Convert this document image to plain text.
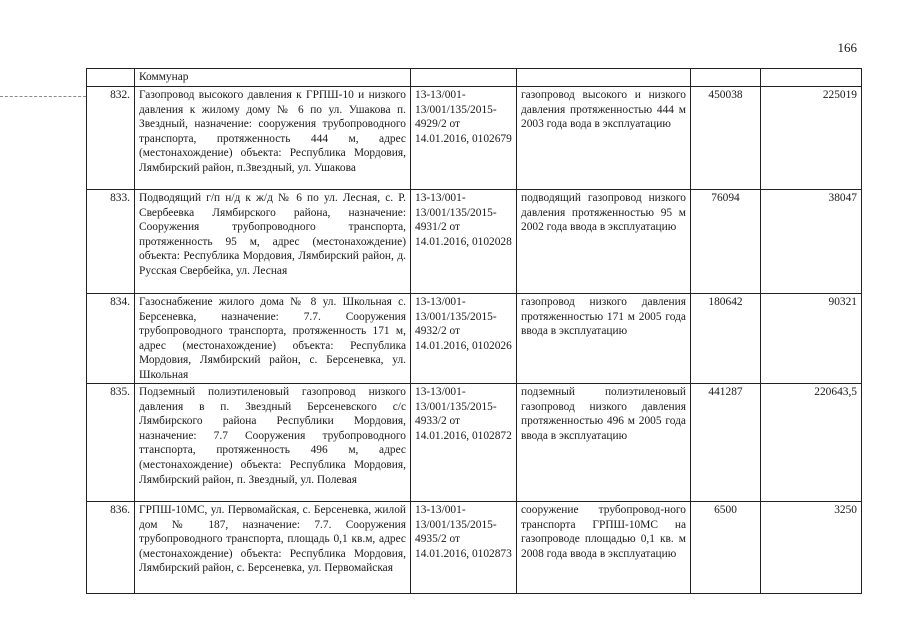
166
	Коммунар				
832.	Газопровод высокого давления к ГРПШ-10 и низкого давления к жилому дому № 6 по ул. Ушакова п. Звездный, назначение: сооружения трубопроводного транспорта, протяженность 444 м, адрес (местонахождение) объекта: Республика Мордовия, Лямбирский район, п.Звездный, ул. Ушакова	13-13/001-13/001/135/2015-4929/2 от 14.01.2016, 0102679	газопровод высокого и низкого давления протяженностью 444 м 2003 года вода в эксплуатацию	450038	225019
833.	Подводящий г/п н/д к ж/д № 6 по ул. Лесная, с. Р. Свербеевка Лямбирского района, назначение: Сооружения трубопроводного транспорта, протяженность 95 м, адрес (местонахождение) объекта: Республика Мордовия, Лямбирский район, д. Русская Свербейка, ул. Лесная	13-13/001-13/001/135/2015-4931/2 от 14.01.2016, 0102028	подводящий газопровод низкого давления протяженностью 95 м 2002 года ввода в эксплуатацию	76094	38047
834.	Газоснабжение жилого дома № 8 ул. Школьная с. Берсеневка, назначение: 7.7. Сооружения трубопроводного транспорта, протяженность 171 м, адрес (местонахождение) объекта: Республика Мордовия, Лямбирский район, с. Берсеневка, ул. Школьная	13-13/001-13/001/135/2015-4932/2 от 14.01.2016, 0102026	газопровод низкого давления протяженностью 171 м 2005 года ввода в эксплуатацию	180642	90321
835.	Подземный полиэтиленовый газопровод низкого давления в п. Звездный Берсеневского с/с Лямбирского района Республики Мордовия, назначение: 7.7 Сооружения трубопроводного ттанспорта, протяженность 496 м, адрес (местонахождение) объекта: Республика Мордовия, Лямбирский район, п. Звездный, ул. Полевая	13-13/001-13/001/135/2015-4933/2 от 14.01.2016, 0102872	подземный полиэтиленовый газопровод низкого давления протяженностью 496 м 2005 года ввода в эксплуатацию	441287	220643,5
836.	ГРПШ-10МС, ул. Первомайская, с. Берсеневка, жилой дом № 187, назначение: 7.7. Сооружения трубопроводного транспорта, площадь 0,1 кв.м, адрес (местонахождение) объекта: Республика Мордовия, Лямбирский район, с. Берсеневка, ул. Первомайская	13-13/001-13/001/135/2015-4935/2 от 14.01.2016, 0102873	сооружение трубопровод-ного транспорта ГРПШ-10МС на газопроводе площадью 0,1 кв. м 2008 года ввода в эксплуатацию	6500	3250
